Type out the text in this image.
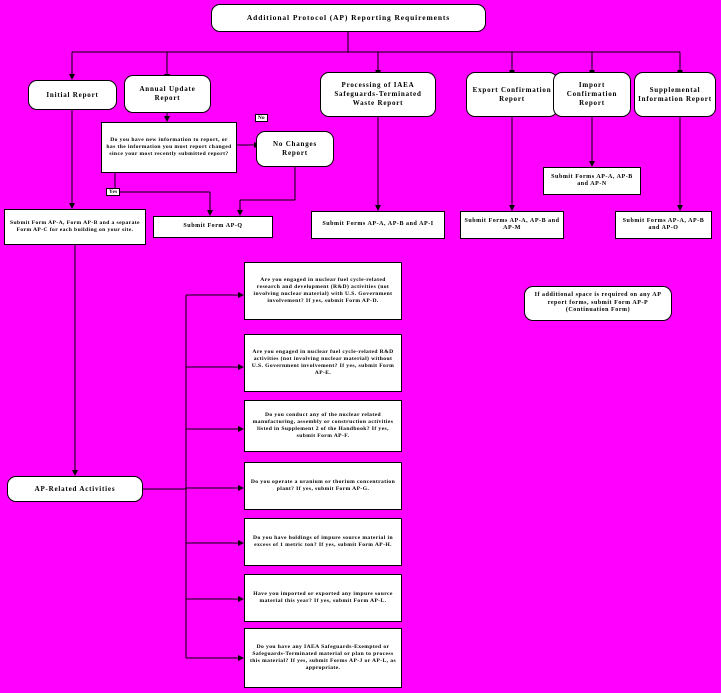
Additional Protocol (AP) Reporting Requirements
Initial Report
Annual Update Report
Processing of IAEA Safeguards-Terminated Waste Report
Export Confirmation Report
Import Confirmation Report
Supplemental Information Report
Do you have new information to report, or has the information you must report changed since your most recently submitted report?
No
Yes
No Changes Report
Submit Form AP-A, Form AP-B and a separate Form AP-C for each building on your site.
Submit Form AP-Q	Submit Forms AP-A, AP-B and AP-I
Submit Forms AP-A, AP-B and AP-M
Submit Forms AP-A, AP-B and AP-N
Submit Forms AP-A, AP-B and AP-O
AP-Related Activities
If additional space is required on any AP report forms, submit Form AP-P (Continuation Form)
Are you engaged in nuclear fuel cycle-related research and development (R&D) activities (not involving nuclear material) with U.S. Government involvement? If yes, submit Form AP-D.
Are you engaged in nuclear fuel cycle-related R&D activities (not involving nuclear material) without U.S. Government involvement? If yes, submit Form AP-E.
Do you conduct any of the nuclear related manufacturing, assembly or construction activities listed in Supplement 2 of the Handbook? If yes, submit Form AP-F.
Do you operate a uranium or thorium concentration plant? If yes, submit Form AP-G.
Do you have holdings of impure source material in excess of 1 metric ton? If yes, submit Form AP-H.
Have you imported or exported any impure source material this year? If yes, submit Form AP-L.
Do you have any IAEA Safeguards-Exempted or Safeguards-Terminated material or plan to process this material? If yes, submit Forms AP-J or AP-L, as appropriate.
